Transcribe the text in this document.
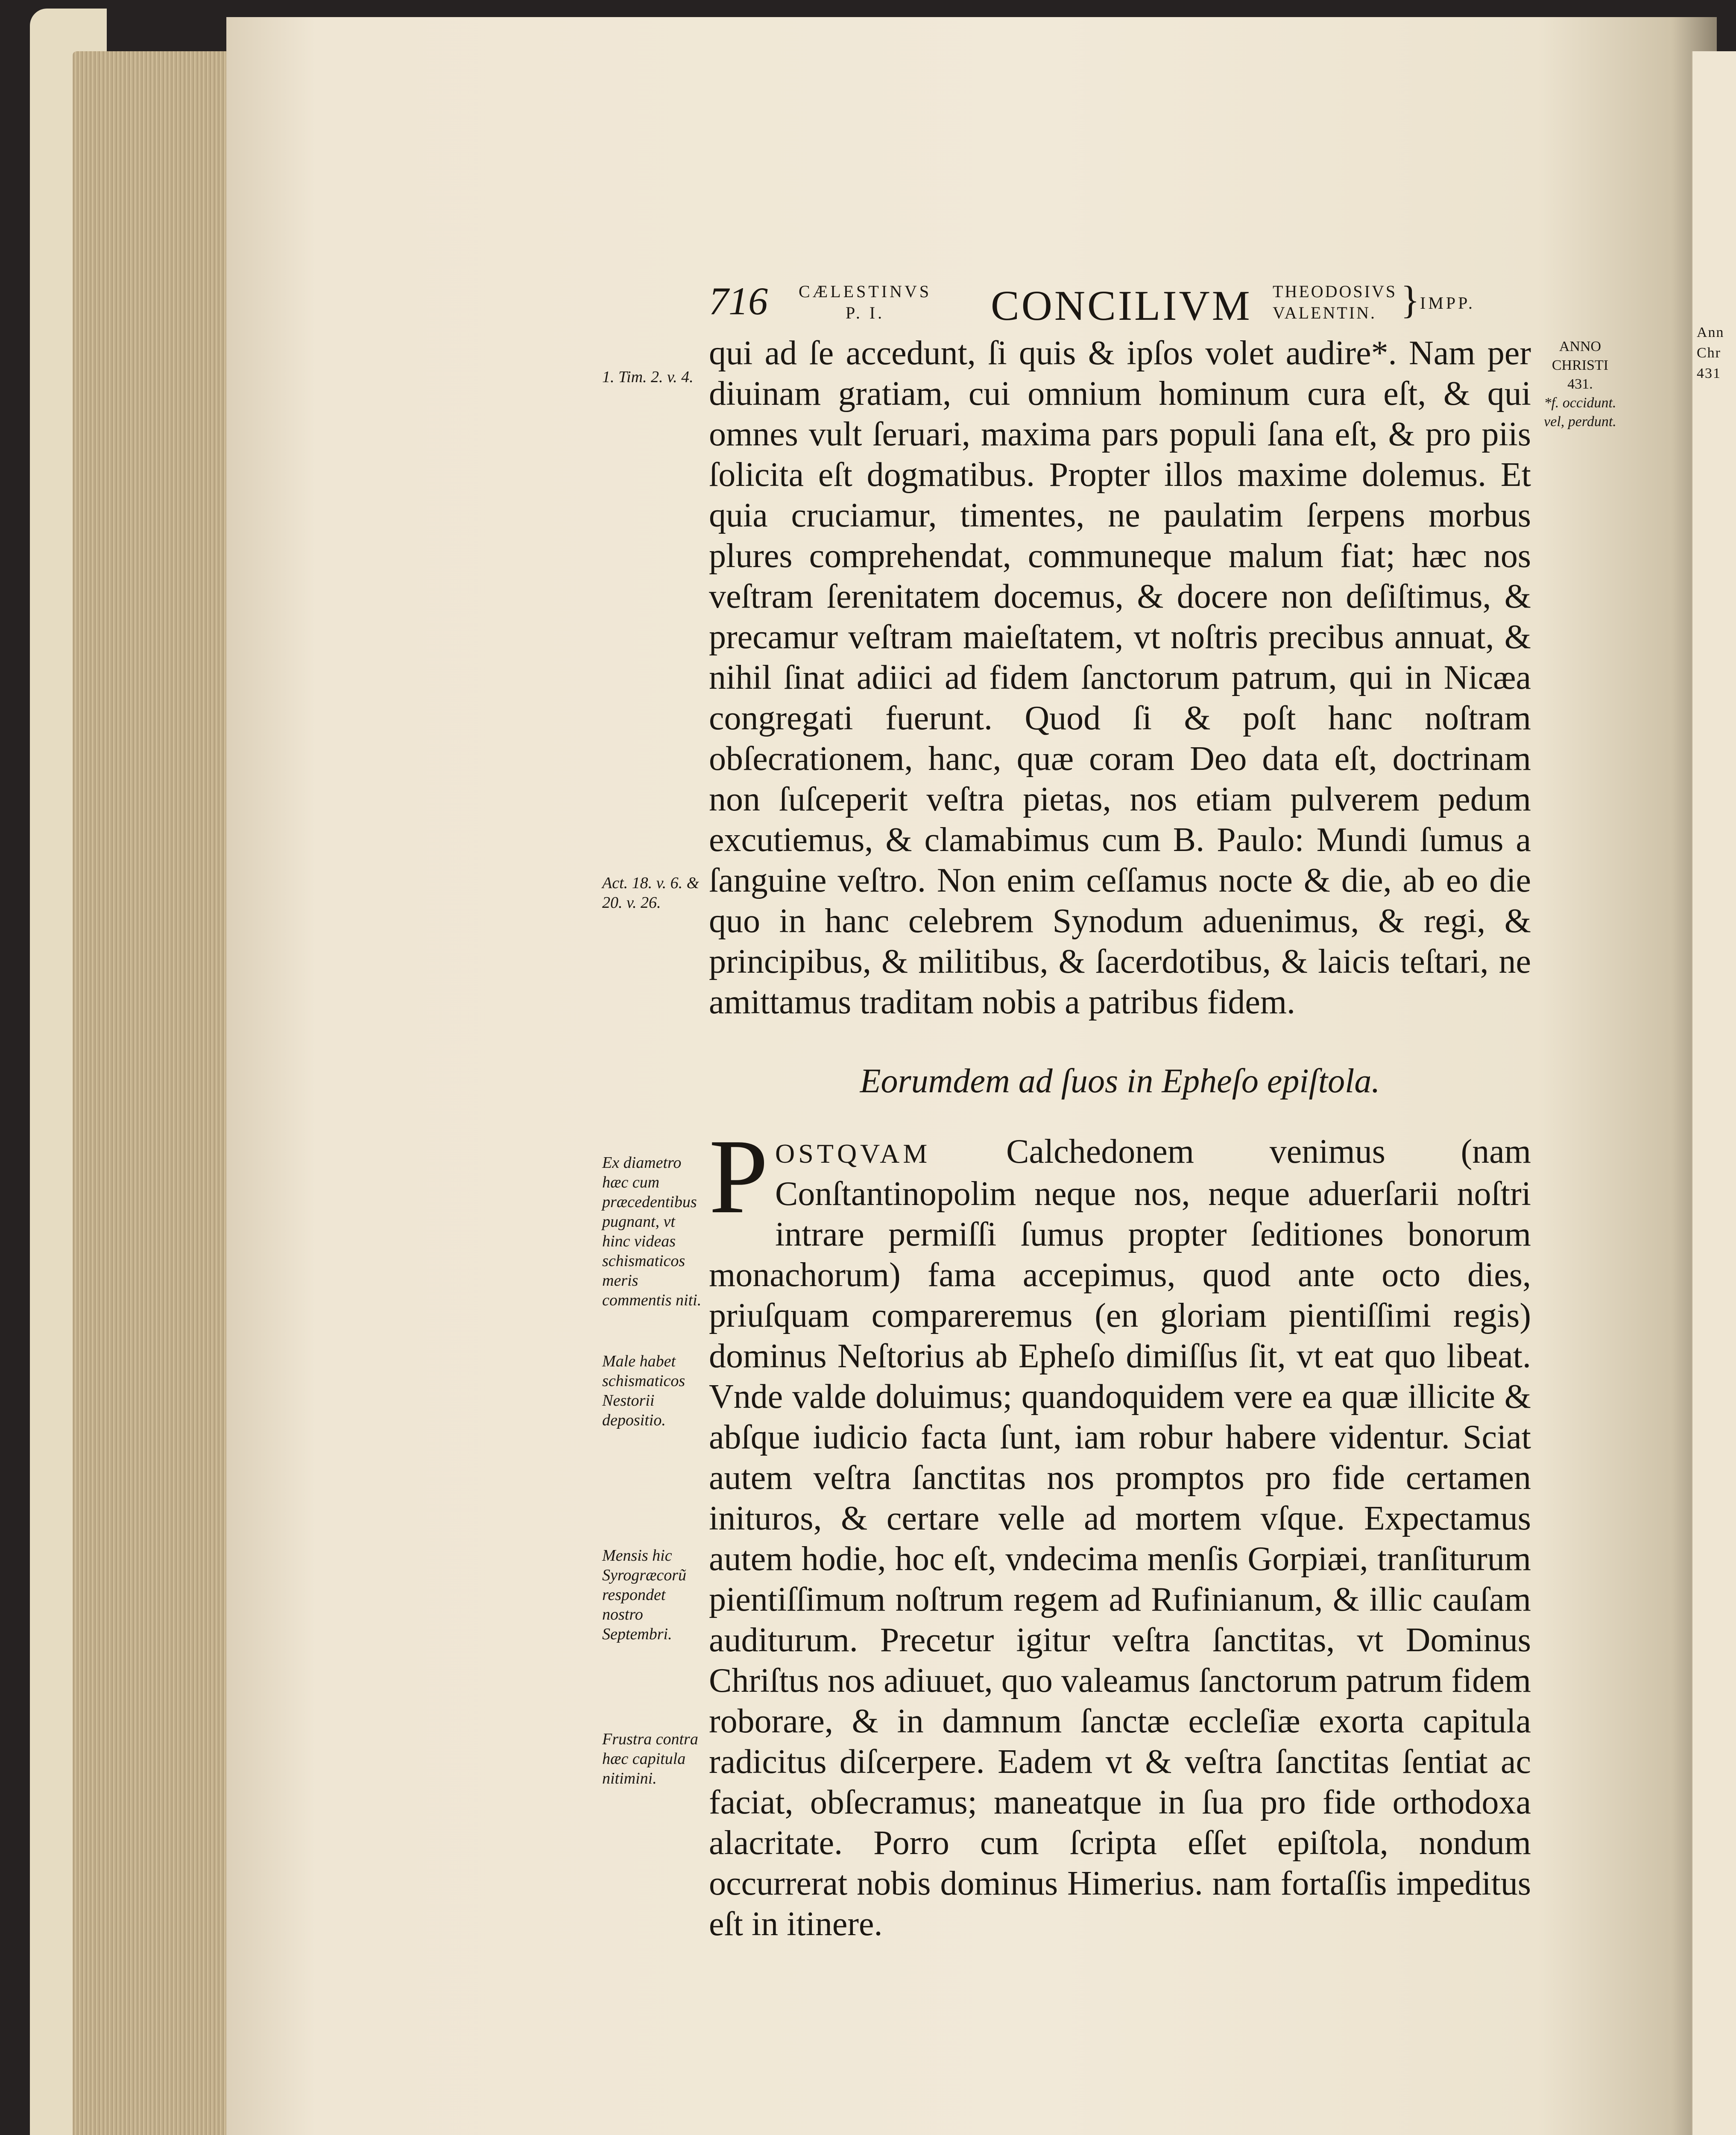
Ann
Chr
431
716 CÆLESTINVS
P. I.	CONCILIVM THEODOSIVS
VALENTIN. } IMPP.
ANNO
CHRISTI
431.
*f. occidunt. vel, perdunt.
1. Tim. 2. v. 4.
Act. 18. v. 6. & 20. v. 26.
Ex diametro hæc cum præcedentibus pugnant, vt hinc videas schismaticos meris commentis niti.
Male habet schismaticos Nestorii depositio.
Mensis hic Syrogræcorũ respondet nostro Septembri.
Frustra contra hæc capitula nitimini.

qui ad ſe accedunt, ſi quis & ipſos volet audire*. Nam per diuinam gratiam, cui omnium hominum cura eſt, & qui omnes vult ſeruari, maxima pars populi ſana eſt, & pro piis ſolicita eſt dogmatibus. Propter illos maxime dolemus. Et quia cruciamur, timentes, ne paulatim ſerpens morbus plures comprehendat, communeque malum fiat; hæc nos veſtram ſerenitatem docemus, & docere non deſiſtimus, & precamur veſtram maieſtatem, vt noſtris precibus annuat, & nihil ſinat adiici ad fidem ſanctorum patrum, qui in Nicæa congregati fuerunt. Quod ſi & poſt hanc noſtram obſecrationem, hanc, quæ coram Deo data eſt, doctrinam non ſuſceperit veſtra pietas, nos etiam pulverem pedum excutiemus, & clamabimus cum B. Paulo: Mundi ſumus a ſanguine veſtro. Non enim ceſſamus nocte & die, ab eo die quo in hanc celebrem Synodum aduenimus, & regi, & principibus, & militibus, & ſacerdotibus, & laicis teſtari, ne amittamus traditam nobis a patribus fidem.

Eorumdem ad ſuos in Epheſo epiſtola.

POSTQVAM Calchedonem venimus (nam Conſtantinopolim neque nos, neque aduerſarii noſtri intrare permiſſi ſumus propter ſeditiones bonorum monachorum) fama accepimus, quod ante octo dies, priuſquam compareremus (en gloriam pientiſſimi regis) dominus Neſtorius ab Epheſo dimiſſus ſit, vt eat quo libeat. Vnde valde doluimus; quandoquidem vere ea quæ illicite & abſque iudicio facta ſunt, iam robur habere videntur. Sciat autem veſtra ſanctitas nos promptos pro fide certamen inituros, & certare velle ad mortem vſque. Expectamus autem hodie, hoc eſt, vndecima menſis Gorpiæi, tranſiturum pientiſſimum noſtrum regem ad Rufinianum, & illic cauſam auditurum. Precetur igitur veſtra ſanctitas, vt Dominus Chriſtus nos adiuuet, quo valeamus ſanctorum patrum fidem roborare, & in damnum ſanctæ eccleſiæ exorta capitula radicitus diſcerpere. Eadem vt & veſtra ſanctitas ſentiat ac faciat, obſecramus; maneatque in ſua pro fide orthodoxa alacritate. Porro cum ſcripta eſſet epiſtola, nondum occurrerat nobis dominus Himerius. nam fortaſſis impeditus eſt in itinere.
